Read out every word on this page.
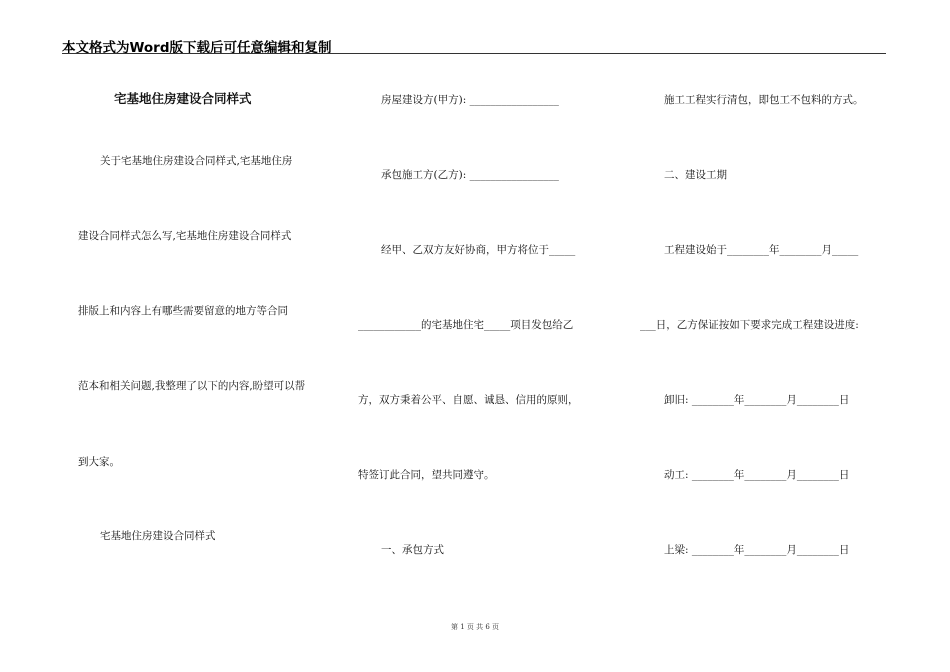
本文格式为Word版下载后可任意编辑和复制
宅基地住房建设合同样式
关于宅基地住房建设合同样式,宅基地住房
建设合同样式怎么写,宅基地住房建设合同样式
排版上和内容上有哪些需要留意的地方等合同
范本和相关问题,我整理了以下的内容,盼望可以帮
到大家。
宅基地住房建设合同样式
房屋建设方(甲方): _________________
承包施工方(乙方): _________________
经甲、乙双方友好协商，甲方将位于_____
____________的宅基地住宅_____项目发包给乙
方，双方秉着公平、自愿、诚恳、信用的原则，
特签订此合同，望共同遵守。
一、承包方式
施工工程实行清包，即包工不包料的方式。
二、建设工期
工程建设始于________年________月_____
___日，乙方保证按如下要求完成工程建设进度:
卸旧: ________年________月________日
动工: ________年________月________日
上梁: ________年________月________日
第 1 页 共 6 页
